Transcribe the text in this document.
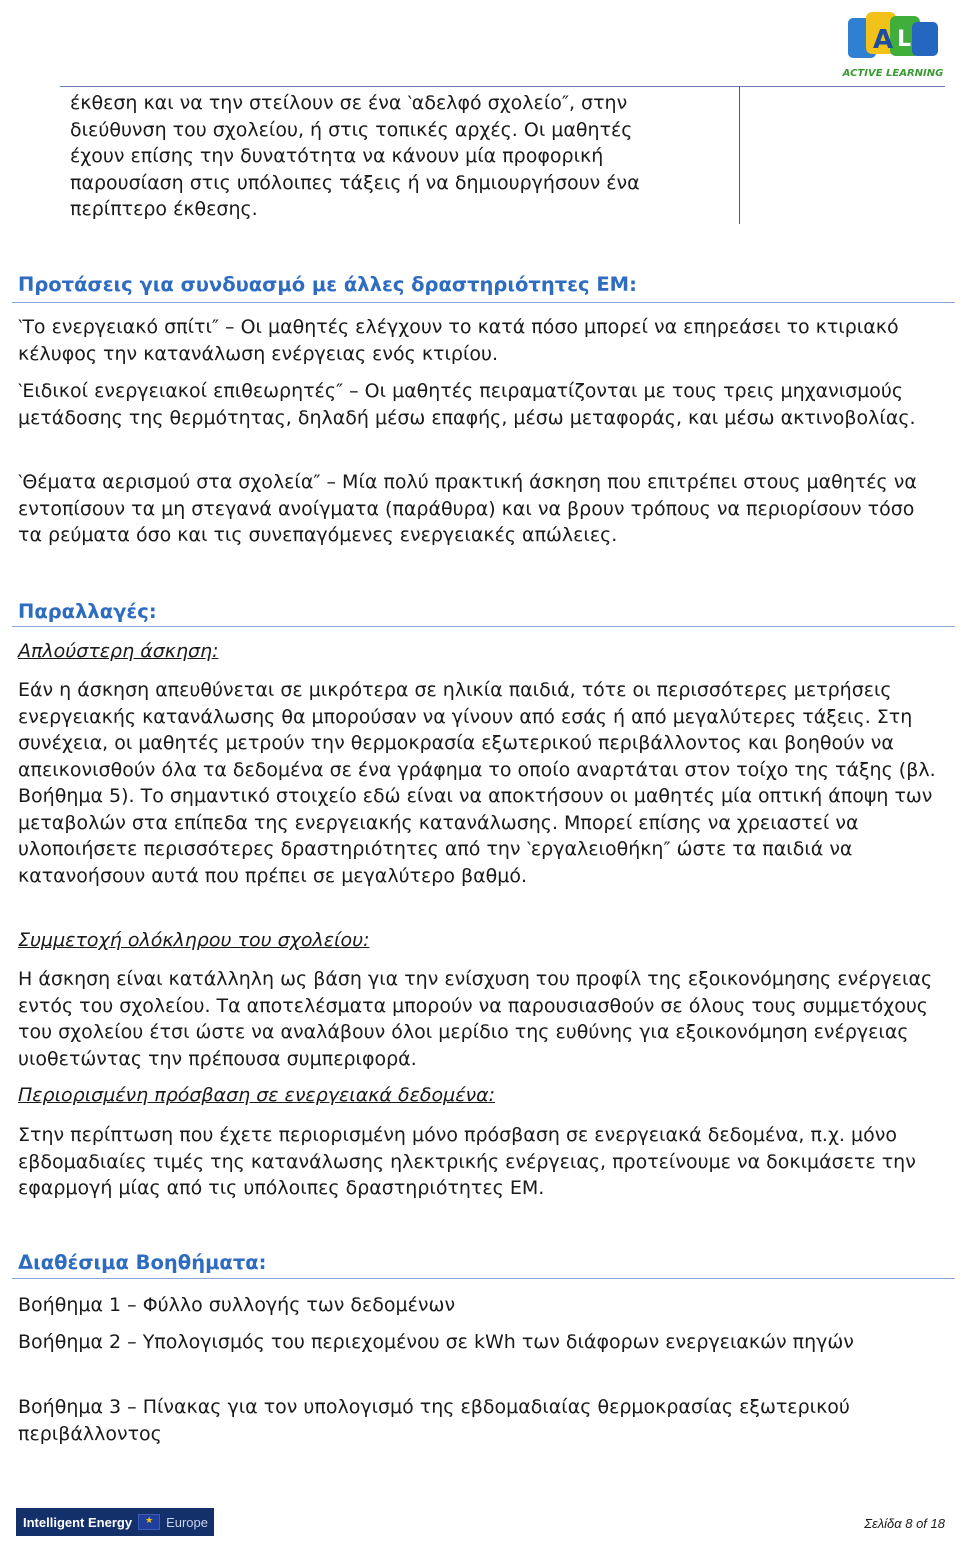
A L
ACTIVE LEARNING
έκθεση και να την στείλουν σε ένα ‵αδελφό σχολείο″, στην
διεύθυνση του σχολείου, ή στις τοπικές αρχές. Οι μαθητές
έχουν επίσης την δυνατότητα να κάνουν μία προφορική
παρουσίαση στις υπόλοιπες τάξεις ή να δημιουργήσουν ένα
περίπτερο έκθεσης.
Προτάσεις για συνδυασμό με άλλες δραστηριότητες ΕΜ:

‵Το ενεργειακό σπίτι″ – Οι μαθητές ελέγχουν το κατά πόσο μπορεί να επηρεάσει το κτιριακό κέλυφος την κατανάλωση ενέργειας ενός κτιρίου.

‵Ειδικοί ενεργειακοί επιθεωρητές″ – Οι μαθητές πειραματίζονται με τους τρεις μηχανισμούς μετάδοσης της θερμότητας, δηλαδή μέσω επαφής, μέσω μεταφοράς, και μέσω ακτινοβολίας.

‵Θέματα αερισμού στα σχολεία″ – Μία πολύ πρακτική άσκηση που επιτρέπει στους μαθητές να εντοπίσουν τα μη στεγανά ανοίγματα (παράθυρα) και να βρουν τρόπους να περιορίσουν τόσο τα ρεύματα όσο και τις συνεπαγόμενες ενεργειακές απώλειες.

Παραλλαγές:

Απλούστερη άσκηση:

Εάν η άσκηση απευθύνεται σε μικρότερα σε ηλικία παιδιά, τότε οι περισσότερες μετρήσεις ενεργειακής κατανάλωσης θα μπορούσαν να γίνουν από εσάς ή από μεγαλύτερες τάξεις. Στη συνέχεια, οι μαθητές μετρούν την θερμοκρασία εξωτερικού περιβάλλοντος και βοηθούν να απεικονισθούν όλα τα δεδομένα σε ένα γράφημα το οποίο αναρτάται στον τοίχο της τάξης (βλ. Βοήθημα 5). Το σημαντικό στοιχείο εδώ είναι να αποκτήσουν οι μαθητές μία οπτική άποψη των μεταβολών στα επίπεδα της ενεργειακής κατανάλωσης. Μπορεί επίσης να χρειαστεί να υλοποιήσετε περισσότερες δραστηριότητες από την ‵εργαλειοθήκη″ ώστε τα παιδιά να κατανοήσουν αυτά που πρέπει σε μεγαλύτερο βαθμό.

Συμμετοχή ολόκληρου του σχολείου:

Η άσκηση είναι κατάλληλη ως βάση για την ενίσχυση του προφίλ της εξοικονόμησης ενέργειας εντός του σχολείου. Τα αποτελέσματα μπορούν να παρουσιασθούν σε όλους τους συμμετόχους του σχολείου έτσι ώστε να αναλάβουν όλοι μερίδιο της ευθύνης για εξοικονόμηση ενέργειας υιοθετώντας την πρέπουσα συμπεριφορά.

Περιορισμένη πρόσβαση σε ενεργειακά δεδομένα:

Στην περίπτωση που έχετε περιορισμένη μόνο πρόσβαση σε ενεργειακά δεδομένα, π.χ. μόνο εβδομαδιαίες τιμές της κατανάλωσης ηλεκτρικής ενέργειας, προτείνουμε να δοκιμάσετε την εφαρμογή μίας από τις υπόλοιπες δραστηριότητες ΕΜ.

Διαθέσιμα Βοηθήματα:

Βοήθημα 1 – Φύλλο συλλογής των δεδομένων

Βοήθημα 2 – Υπολογισμός του περιεχομένου σε kWh των διάφορων ενεργειακών πηγών

Βοήθημα 3 – Πίνακας για τον υπολογισμό της εβδομαδιαίας θερμοκρασίας εξωτερικού περιβάλλοντος

Intelligent Energy
★	Europe	Σελίδα 8 of 18
